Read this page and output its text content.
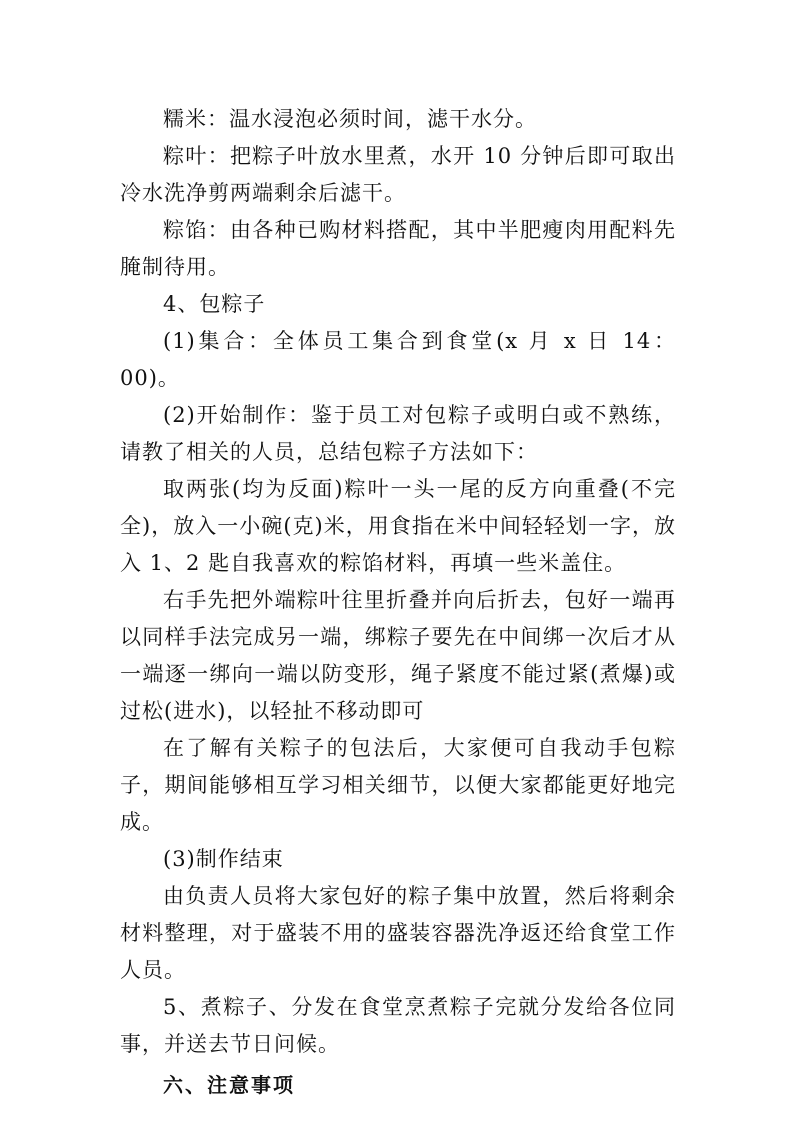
糯米：温水浸泡必须时间，滤干水分。

粽叶：把粽子叶放水里煮，水开 10 分钟后即可取出冷水洗净剪两端剩余后滤干。

粽馅：由各种已购材料搭配，其中半肥瘦肉用配料先腌制待用。

4、包粽子

(1)集合：全体员工集合到食堂(x 月 x 日 14：00)。

(2)开始制作：鉴于员工对包粽子或明白或不熟练，请教了相关的人员，总结包粽子方法如下：

取两张(均为反面)粽叶一头一尾的反方向重叠(不完全)，放入一小碗(克)米，用食指在米中间轻轻划一字，放入 1、2 匙自我喜欢的粽馅材料，再填一些米盖住。

右手先把外端粽叶往里折叠并向后折去，包好一端再以同样手法完成另一端，绑粽子要先在中间绑一次后才从一端逐一绑向一端以防变形，绳子紧度不能过紧(煮爆)或过松(进水)，以轻扯不移动即可

在了解有关粽子的包法后，大家便可自我动手包粽子，期间能够相互学习相关细节，以便大家都能更好地完成。

(3)制作结束

由负责人员将大家包好的粽子集中放置，然后将剩余材料整理，对于盛装不用的盛装容器洗净返还给食堂工作人员。

5、煮粽子、分发在食堂烹煮粽子完就分发给各位同事，并送去节日问候。

六、注意事项
